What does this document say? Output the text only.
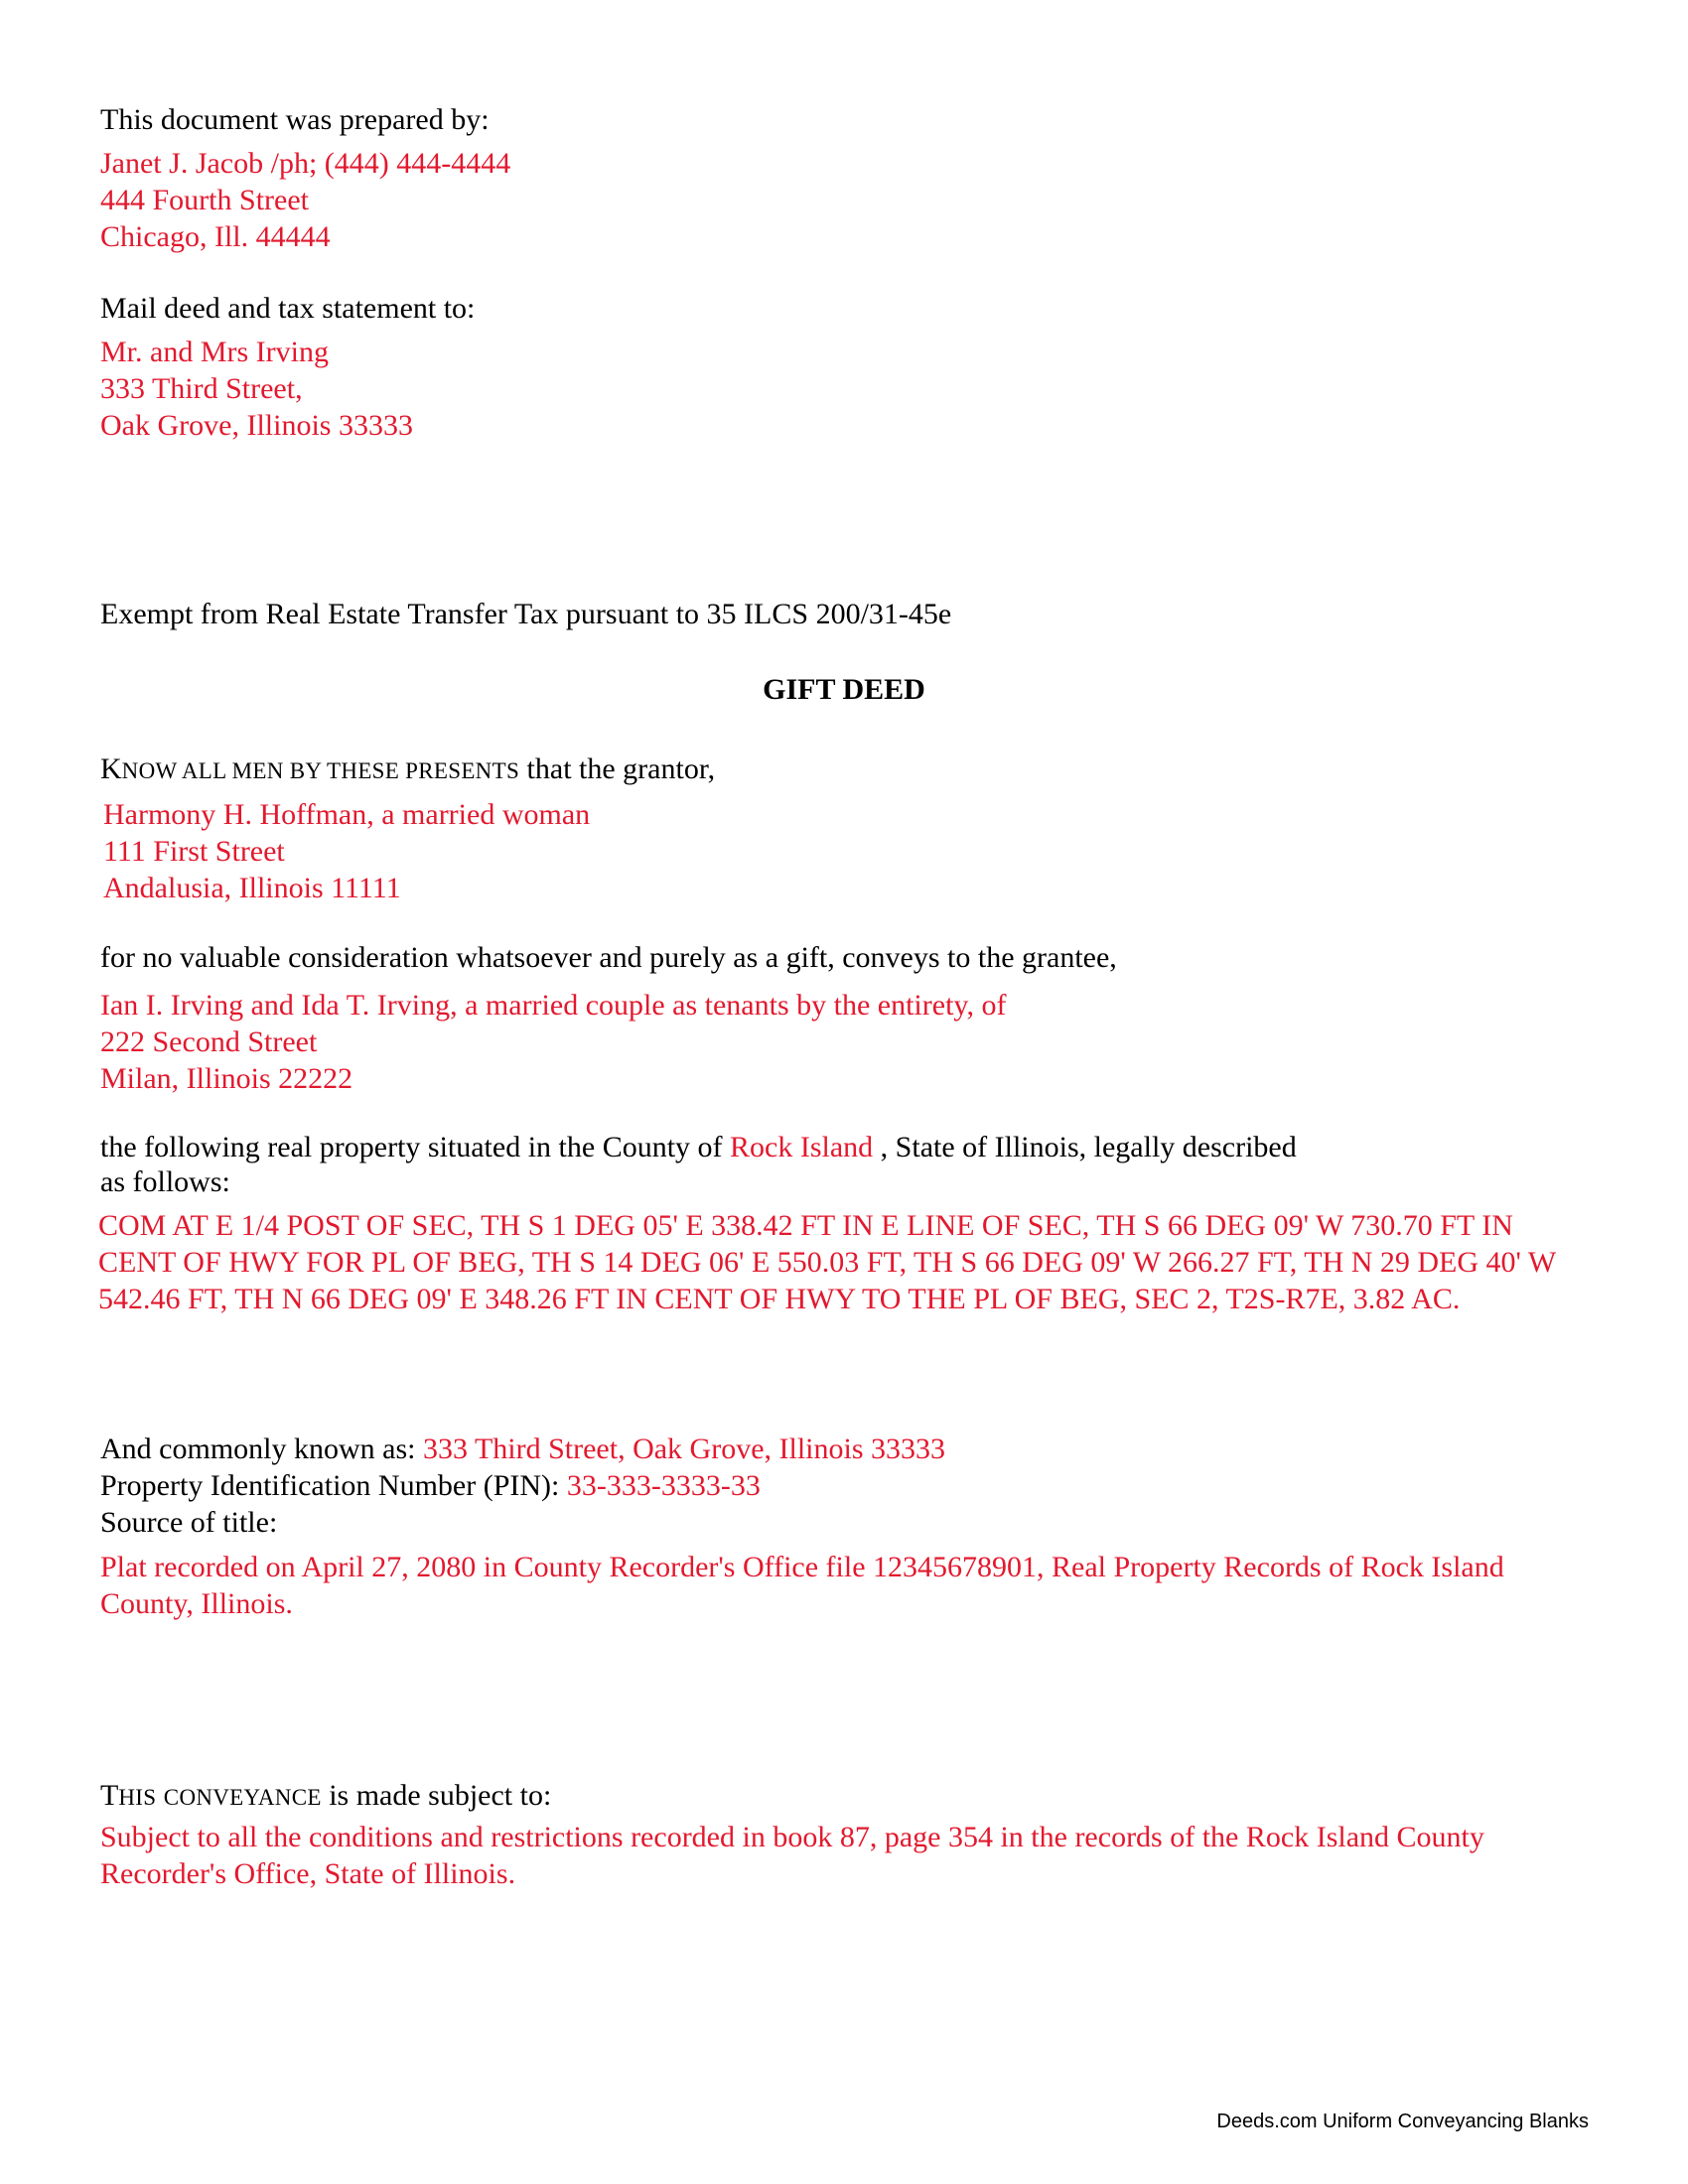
This document was prepared by:
Janet J. Jacob /ph; (444) 444-4444
444 Fourth Street
Chicago, Ill. 44444
Mail deed and tax statement to:
Mr. and Mrs Irving
333 Third Street,
Oak Grove, Illinois 33333
Exempt from Real Estate Transfer Tax pursuant to 35 ILCS 200/31-45e
GIFT DEED
KNOW ALL MEN BY THESE PRESENTS that the grantor,
Harmony H. Hoffman, a married woman
111 First Street
Andalusia, Illinois 11111
for no valuable consideration whatsoever and purely as a gift, conveys to the grantee,
Ian I. Irving and Ida T. Irving, a married couple as tenants by the entirety, of
222 Second Street
Milan, Illinois 22222
the following real property situated in the County of Rock Island , State of Illinois, legally described
as follows:
COM AT E 1/4 POST OF SEC, TH S 1 DEG 05' E 338.42 FT IN E LINE OF SEC, TH S 66 DEG 09' W 730.70 FT IN CENT OF HWY FOR PL OF BEG, TH S 14 DEG 06' E 550.03 FT, TH S 66 DEG 09' W 266.27 FT, TH N 29 DEG 40' W 542.46 FT, TH N 66 DEG 09' E 348.26 FT IN CENT OF HWY TO THE PL OF BEG, SEC 2, T2S-R7E, 3.82 AC.
And commonly known as: 333 Third Street, Oak Grove, Illinois 33333
Property Identification Number (PIN): 33-333-3333-33
Source of title:
Plat recorded on April 27, 2080 in County Recorder's Office file 12345678901, Real Property Records of Rock Island County, Illinois.
THIS CONVEYANCE is made subject to:
Subject to all the conditions and restrictions recorded in book 87, page 354 in the records of the Rock Island County Recorder's Office, State of Illinois.
Deeds.com Uniform Conveyancing Blanks
